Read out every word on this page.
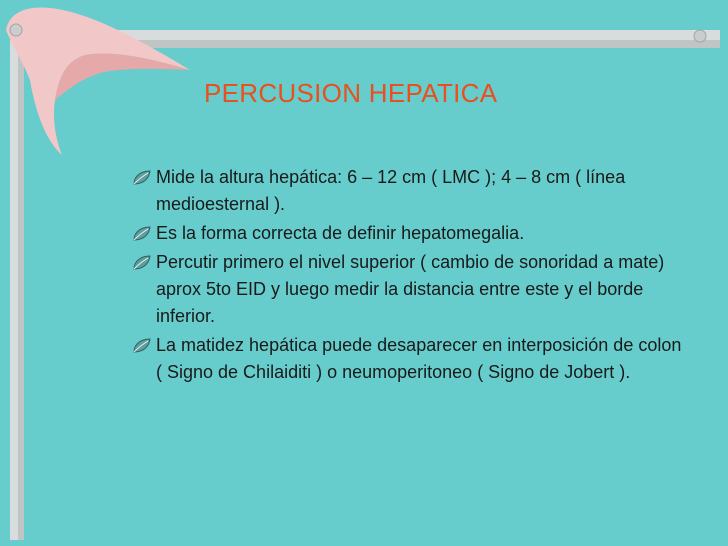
PERCUSION HEPATICA
Mide la altura hepática: 6 – 12 cm ( LMC ); 4 – 8 cm ( línea medioesternal ).
Es la forma correcta de definir hepatomegalia.
Percutir primero el nivel superior ( cambio de sonoridad a mate) aprox 5to EID y luego medir la distancia entre este y el borde inferior.
La matidez hepática puede desaparecer en interposición de colon ( Signo de Chilaiditi ) o neumoperitoneo ( Signo de Jobert ).
